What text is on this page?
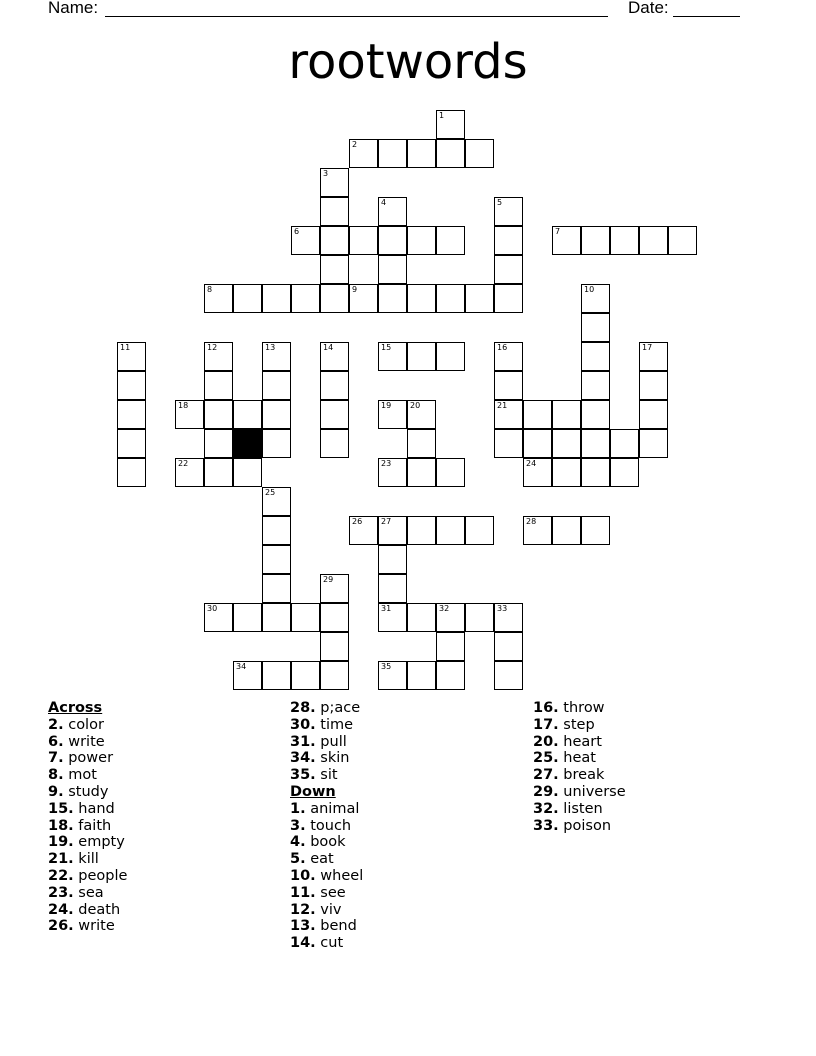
Name:	Date:
rootwords
1
2
3
4	5
6	7
8	9	10
11	12	13	14	15	16
21
17
18	19 20
22	23	24
25
26 27
31
28
29
30	32	33
34	35
Across
2. color
6. write
7. power
8. mot
9. study
15. hand
18. faith
19. empty
21. kill
22. people
23. sea
24. death
26. write
28. p;ace
30. time
31. pull
34. skin
35. sit
Down
1. animal
3. touch
4. book
5. eat
10. wheel
11. see
12. viv
13. bend
14. cut
16. throw
17. step
20. heart
25. heat
27. break
29. universe
32. listen
33. poison
